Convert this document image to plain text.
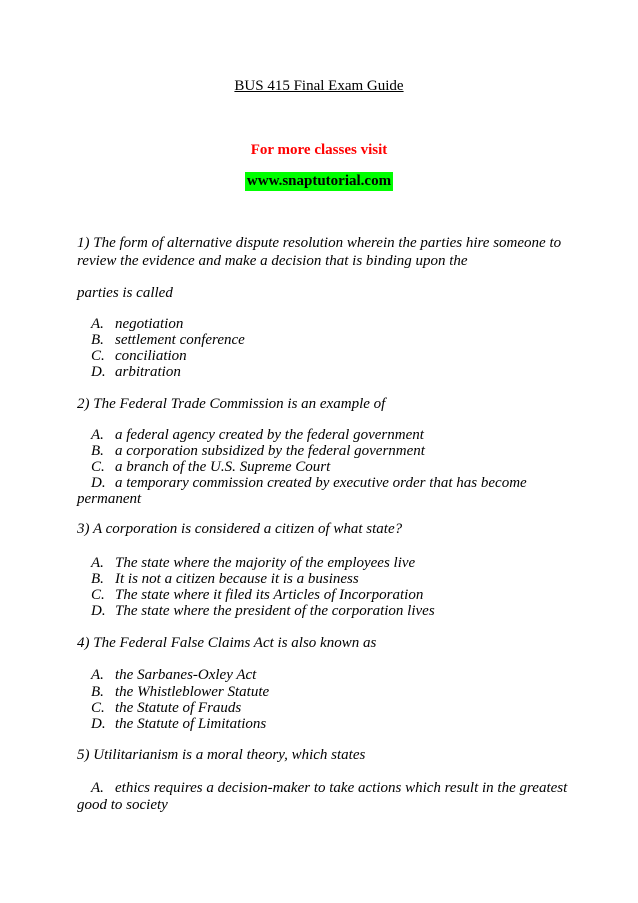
BUS 415 Final Exam Guide
For more classes visit
www.snaptutorial.com
1) The form of alternative dispute resolution wherein the parties hire someone to
review the evidence and make a decision that is binding upon the
parties is called
A. negotiation
B. settlement conference
C. conciliation
D. arbitration
2) The Federal Trade Commission is an example of
A. a federal agency created by the federal government
B. a corporation subsidized by the federal government
C. a branch of the U.S. Supreme Court
D. a temporary commission created by executive order that has become
permanent
3) A corporation is considered a citizen of what state?
A. The state where the majority of the employees live
B. It is not a citizen because it is a business
C. The state where it filed its Articles of Incorporation
D. The state where the president of the corporation lives
4) The Federal False Claims Act is also known as
A. the Sarbanes-Oxley Act
B. the Whistleblower Statute
C. the Statute of Frauds
D. the Statute of Limitations
5) Utilitarianism is a moral theory, which states
A. ethics requires a decision-maker to take actions which result in the greatest
good to society
